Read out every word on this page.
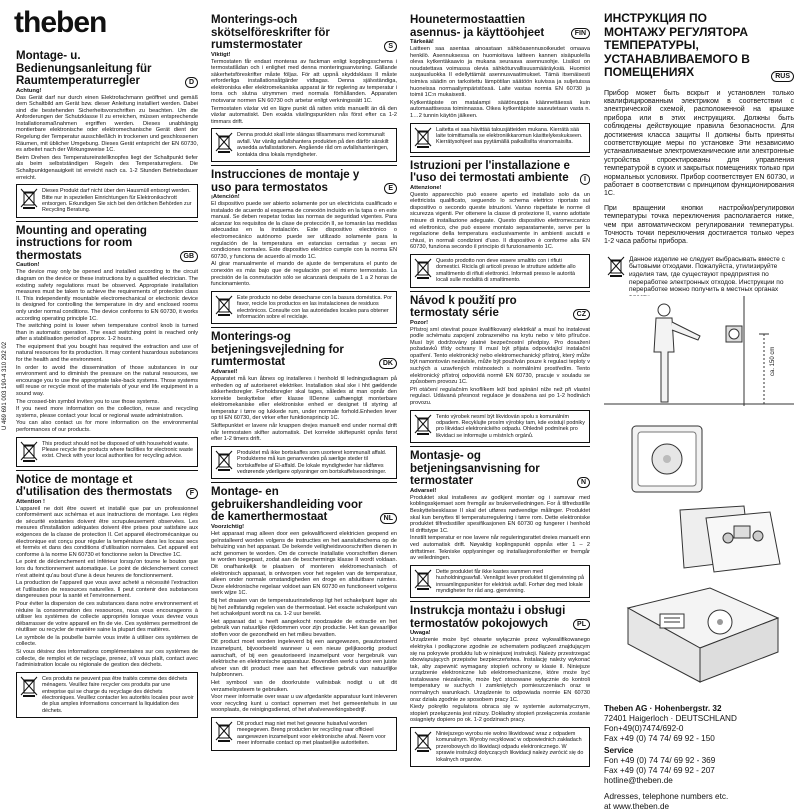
theben
U 469 691 003 190-4 310 292 02
Montage- u. Bedienungsanleitung für Raumtemperaturregler	D
Achtung!

Das Gerät darf nur durch einen Elektrofachmann geöffnet und gemäß dem Schaltbild am Gerät bzw. dieser Anleitung installiert werden. Dabei sind die bestehenden Sicherheitsvorschriften zu beachten. Um die Anforderungen der Schutzklasse II zu erreichen, müssen entsprechende Installationsmaßnahmen ergriffen werden. Dieses unabhängig montierbare elektronische oder elektromechanische Gerät dient der Regelung der Temperatur ausschließlich in trockenen und geschlossenen Räumen, mit üblicher Umgebung. Dieses Gerät entspricht der EN 60730, es arbeitet nach der Wirkungsweise 1C.

Beim Drehen des Temperatureinstellknopfes liegt der Schaltpunkt tiefer als beim selbstständigen Regeln des Temperaturreglers. Die Schaltpunktgenauigkeit ist erreicht nach ca. 1-2 Stunden Betriebsdauer erreicht.

Dieses Produkt darf nicht über den Hausmüll entsorgt werden. Bitte nur in speziellen Einrichtungen für Elektronikschrott entsorgen. Erkundigen Sie sich bei den örtlichen Behörden zur Recycling Beratung.
Mounting and operating instructions for room thermostats	GB
Caution!

The device may only be opened and installed according to the circuit diagram on the device or these instructions by a qualified electrician. The existing safety regulations must be observed. Appropriate installation measures must be taken to achieve the requirements of protection class II. This independently mountable electromechanical or electronic device is designed for controlling the temperature in dry and enclosed rooms only under normal conditions. The device conforms to EN 60730, it works according operating principle 1C.

The switching point is lower when temperature control knob is turned than in automatic operation. The exact switching point is reached only after a stabilisation period of approx. 1-2 hours.

The equipment that you bought has required the extraction and use of natural resources for its production. It may content hazardous substances for the health and the environment.

In order to avoid the dissemination of those substances in our environment and to diminish the pressure on the natural resources, we encourage you to use the appropriate take-back systems. Those systems will reuse or recycle most of the materials of your end life equipment in a sound way.

The crossed-bin symbol invites you to use those systems.

If you need more information on the collection, reuse and recycling systems, please contact your local or regional waste administration.

You can also contact us for more information on the environmental performances of our products.

This product should not be disposed of with household waste. Please recycle the products where facilities for electronic waste exist. Check with your local authorities for recycling advice.
Notice de montage et d'utilisation des thermostats	F
Attention !

L'appareil ne doit être ouvert et installé que par un professionnel conformément aux schémas et aux instructions de montage. Les règles de sécurité existantes doivent être scrupuleusement observées. Les mesures d'installation adéquates doivent être prises pour satisfaire aux exigences de la classe de protection II. Cet appareil électromécanique ou électronique est conçu pour réguler la température dans les locaux secs et fermés et dans des conditions d'utilisation normales. Cet appareil est conforme à la norme EN 60730 et fonctionne selon la Directive 1C.

Le point de déclenchement est inférieur lorsqu'on tourne le bouton que lors du fonctionnement automatique. Le point de déclenchement correct n'est atteint qu'au bout d'une à deux heures de fonctionnement.

La production de l'appareil que vous avez acheté a nécessité l'extraction et l'utilisation de ressources naturelles. Il peut contenir des substances dangereuses pour la santé et l'environnement.

Pour éviter la dispersion de ces substances dans notre environnement et réduire la consommation des ressources, nous vous encourageons à utiliser les systèmes de collecte appropriés lorsque vous devrez vous débarrasser de votre appareil en fin de vie. Ces systèmes permettront de réutiliser ou recycler de manière saine la plupart des matières.

Le symbole de la poubelle barrée vous invite à utiliser ces systèmes de collecte.

Si vous désirez des informations complémentaires sur ces systèmes de collecte, de remploi et de recyclage, prenez, s'il vous plaît, contact avec l'administration locale ou régionale de gestion des déchets.

Ces produits ne peuvent pas être traités comme des déchets ménagers. Veuillez faire recycler ces produits par une entreprise qui se charge du recyclage des déchets électroniques. Veuillez contacter les autorités locales pour avoir de plus amples informations concernant la liquidation des déchets.
Monterings-och skötselföreskrifter för rumstermostater	S
Viktigt!

Termostaten får endast monteras av fackman enligt kopplingsschema i termostatlådan och i enlighet med denna monteringsanvisning. Gällande säkerhetsföreskrifter måste följas. För att uppnå skyddsklass II måste erforderliga installationsåtgärder vidtagas. Denna självständiga, elektroniska eller elektromekaniska apparat är för reglering av temperatur i torra och slutna utrymmen med normala förhållanden. Apparaten motsvarar normen EN 60730 och arbetar enligt verkningssätt 1C.

Termostaten växlar vid en lägre punkt då ratten vrids manuellt än då den växlar automatiskt. Den exakta växlingspunkten nås först efter ca 1-2 timmars drift.

Denna produkt skall inte slängas tillsammans med kommunalt avfall. Var vänlig avfallshantera produkten på den därför särskilt avsedda avfallsstationen. Angående råd om avfallshanteringen, kontakta dina lokala myndigheter.
Instrucciones de montaje y uso para termostatos	E
¡Atención!

El dispositivo puede ser abierto solamente por un electricista cualificado e instalado de acuerdo al esquema de conexión incluido en la tapa o en este manual. Se deben respetar todas las normas de seguridad vigentes. Para alcanzar los requisitos de la clase de protección II, se tomarán las medidas adecuadas en la instalación. Este dispositivo electrónico o electromecánico autónomo puede ser utilizado solamente para la regulación de la temperatura en estancias cerradas y secas en condiciones normales. Este dispositivo eléctrico cumple con la norma EN 60730, y funciona de acuerdo al modo 1C.

Al girar manualmente el mando de ajuste de temperatura el punto de conexión es más bajo que de regulación por el mismo termostato. La precisión de la conmutación sólo se alcanzará después de 1 a 2 horas de funcionamiento.

Este producto no debe desecharse con la basura doméstica. Por favor, recicle los productos en las instalaciones de residuos electrónicos. Consulte con las autoridades locales para obtener información sobre el reciclaje.
Monterings-og betjeningsvejledning for rumtermostat	DK
Advarsel!

Apparatet må kun åbnes og installeres i henhold til ledningsdiagram på enheden og af autoriseret elektriker. Installation skal ske i hht gældende sikkerhedsregler. Forholdsregler skal tages, således at man opnår den korrekte beskyttelse efter klasse IIDenne uafhængigt monterbare elektromekaniske eller elektroniske enhed er designet til styring af temperatur i tørre og lukkede rum, under normale forhold.Enheden lever op til EN 60730, der virker efter funktionsprincip 1C.

Skiftepunktet er lavere når knappen drejes manuelt end under normal drift når termostaten skifter automatisk. Det korrekte skiftepunkt opnås først efter 1-2 timers drift.

Produktet må ikke bortskaffes som usorteret kommunalt affald. Produkterne må kun genanvendes på særlige steder til bortskaffelse af El-affald. De lokale myndigheder har rådføres vedrørende yderligere oplysninger om bortskaffelsesordninger.
Montage- en gebruikershandleiding voor de kamerthermostaat	NL
Voorzichtig!

Het apparaat mag alleen door een gekwalificeerd elektricien geopend en geïnstalleerd worden volgens de instructies en het aansluitschema op de behuizing van het apparaat. De bekende veiligheidsvoorschriften dienen in acht genomen te worden. Om de correcte installatie voorschriften dienen te worden toegepast, zodat aan de beschermings klasse II wordt voldaan. Dit onafhankelijk te plaatsen of monteren elektromechanisch of elektronisch apparaat, is ontworpen voor het regelen van de temperatuur, alleen onder normale omstandigheden en droge en afsluitbare ruimtes. Deze elektronische regelaar voldoet aan EN 60730 en functioneert volgens werk wijze 1C.

Bij het draaien van de temperatuurinstelknop ligt het schakelpunt lager als bij het zelfstandig regelen van de thermostaat. Het exacte schakelpunt van het schakelpunt wordt na ca. 1-2 uur bereikt.

Het apparaat dat u heeft aangekocht noodzaakte de extractie en het gebruik van natuurlijke rijkdommen voor zijn productie. Het kan gevaarlijke stoffen voor de gezondheid en het milieu bevatten.

Dit product moet worden ingeleverd bij een aangewezen, geautoriseerd inzamelpunt, bijvoorbeeld wanneer u een nieuw gelijksoortig product aanschaft, of bij een geautoriseerd inzamelpunt voor hergebruik van elektrische en elektronische apparatuur. Bovendien werkt u door een juiste afvoer van dit product mee aan het effectieve gebruik van natuurlijke hulpbronnen.

Het symbool van de doorkruiste vuilnisbak nodigt u uit dit verzamelsysteem te gebruiken.

Voor meer informatie over waar u uw afgedankte apparatuur kunt inleveren voor recycling kunt u contact opnemen met het gemeentehuis in uw woonplaats, de reinigingsdienst, of het afvalverwerkingsbedrijf.

Dit product mag niet met het gewone huisafval worden meegegeven. Breng producten ter recycling naar officieel aangewezen inzamelpunt voor elektronische afval. Neem voor meer informatie contact op met plaatselijke autoriteiten.
Hounetermostaattien asennus- ja käyttöohjeet	FIN
Tärkeää!

Laitteen saa asentaa ainoastaan sähköasennusoikeudet omaava henkilö. Asennuksessa on huomioitava laitteen kannen sisäpuolella oleva kytkentäkaavio ja mukana seuraava asennusohje. Lisäksi on noudatettava voimassa olevia sähköturvallisuusmääräyksiä. Huomioi suojausluokka II edellyttämät asennusvaatimukset. Tämä itsenäisesti toimiva säädin on tarkoitettu lämpötilan säätöön kuivissa ja suljetuissa huoneissa normaaliympäristössä. Laite vastaa normia EN 60730 ja toimii 1C:n mukaisesti.

Kytkentäpiste on matalampi säätönuppia käännettäessä kuin automaattisessa toiminnassa. Oikea kytkentäpiste saavutetaan vasta n. 1…2 tunnin käytön jälkeen.

Laitetta ei saa hävittää talousjätteiden mukana. Kierrätä sää laite toimittamalla se elektroniikkaromun käsittelykeskukseen. Kierrätysohjeet saa pyytämällä paikallisilta viranomaisilta.
Istruzioni per l'installazione e l'uso dei termostati ambiente	I
Attenzione!

Questo apparecchio può essere aperto ed installato solo da un elettricista qualificato, seguendo lo schema elettrico riportato sul dispositivo o secondo queste istruzioni. Vanno rispettate le norme di sicurezza vigenti. Per ottenere la classe di protezione II, vanno adottate misure di installazione adeguate. Questo dispositivo elettromeccanico ed elettronico, che può essere montato separatamente, serve per la regolazione della temperatura esclusivamente in ambienti asciutti e chiusi, in normali condizioni d'uso. Il dispositivo è conforme alla EN 60730, funziona secondo il principio di funzionamento 1C.

Questo prodotto non deve essere smaltito con i rifiuti domestici. Ricicla gli articoli presso le strutture addette allo smaltimento di rifiuti elettronici. Informati presso le autorità locali sulle modalità di smaltimento.
Návod k použití pro termostaty série	CZ
Pozor!

Přístroj smí otevírat pouze kvalifikovaný elektrikář a musí ho instalovat podle schématu zapojení zobrazeného na krytu nebo v této příručce. Musí být dodržovány platné bezpečnostní předpisy. Pro dosažení požadavků třídy ochrany II musí být přijata odpovídající instalační opatření. Tento elektronický nebo elektromechanický přístroj, který může být namontován nezávisle, může být používán pouze k regulaci teploty v suchých a uzavřených místnostech s normálními prostředím. Tento elektronický přístroj odpovídá normě EN 60730, pracuje v souladu se způsobem provozu 1C.

Při otáčení regulačním knoflíkem leží bod spínání níže než při vlastní regulaci. Udávaná přesnost regulace je dosažena asi po 1-2 hodinách provozu.

Tento výrobek nesmí být likvidován spolu s komunálním odpadem. Recyklujte prosím výrobky tam, kde existují podniky pro likvidaci elektronického odpadu. Ohledně podmínek pro likvidaci se informujte u místních orgánů.
Montasje- og betjeningsanvisning for termostater	N
Advarsel!

Produktet skal installeres av godkjent montør og i samsvar med koblingsskjemaet som fremgår av brukerveiledningen. For å tilfredsstille Beskyttelsesklasse II skal det utføres nødvendige målinger. Produktet skal kun benyttes til temperaturregulering i tørre rom. Dette elektroniske produktet tilfredsstiller spesifikasjonen EN 60730 og fungerer i henhold til driftstype 1C.

Innstilt temperatur er noe lavere når reguleringsrattet dreies manuelt enn ved automatisk drift. Nøyaktig koplingspunkt oppnås etter 1 – 2 driftstimer. Tekniske opplysninger og installasjonsforskrifter er fremgår av veiledningen.

Dette produktet får ikke kastes sammen med husholdningsavfall. Vennligst lever produktet til gjenvinning på innsamlingspunkter for elektrisk avfall. Forhør deg med lokale myndigheter for råd ang. gjenvinning.
Instrukcja montażu i obsługi termostatów pokojowych	PL
Uwaga!

Urządzenie może być otwarte wyłącznie przez wykwalifikowanego elektryka i podłączone zgodnie ze schematem podłączeń znajdującym się na pokrywie produktu lub w niniejszej instrukcji. Należy przestrzegać obowiązujących przepisów bezpieczeństwa. Instalację należy wykonać tak, aby zapewnić wymagany stopień ochrony w klasie II. Niniejsze urządzenie elektroniczne lub elektromechaniczne, które może być instalowane niezależnie, może być stosowane wyłącznie do kontroli temperatury w suchych i zamkniętych pomieszczeniach oraz w normalnych warunkach. Urządzenie to odpowiada normie EN 60730 oraz działa zgodnie ze sposobem pracy 1C.

Kiedy pokrętło regulatora obraca się w systemie automatycznym, stopień przełączenia jest niższy. Dokładny stopień przełączenia zostanie osiągnięty dopiero po ok. 1-2 godzinach pracy.

Niniejszego wyrobu nie wolno likwidować wraz z odpadem komunalnym. Wyroby recyklować w odpowiednich zakładach przerobowych do likwidacji odpadu elektronicznego. W sprawie instrukcji dotyczących likwidacji należy zwrócić się do lokalnych organów.
ИНСТРУКЦИЯ ПО МОНТАЖУ РЕГУЛЯТОРА ТЕМПЕРАТУРЫ, УСТАНАВЛИВАЕМОГО В ПОМЕЩЕНИЯХ	RUS

Прибор может быть вскрыт и установлен только квалифицированным электриком в соответствии с электрической схемой, расположенной на крышке прибора или в этих инструкциях. Должны быть соблюдены действующие правила безопасности. Для достижения класса защиты II должны быть приняты соответствующие меры по установке Эти независимо устанавливаемые электромеханические или электронные устройства спроектированы для управления температурой в сухих и закрытых помещениях только при нормальных условиях. Прибор соответствует EN 60730, и работает в соответствии с принципом функционирования 1С.

При вращении кнопки настройки/регулировки температуры точка переключения располагается ниже, чем при автоматическом регулировании температуры. Точность точки переключения достигается только через 1-2 часа работы прибора.

Данное изделие не следует выбрасывать вместе с бытовыми отходами. Пожалуйста, утилизируйте изделия там, где существуют предприятия по переработке электронных отходов. Инструкции по переработке можно получить в местных органах
ca. 150 cm
Theben AG · Hohenbergstr. 32
72401 Haigerloch · DEUTSCHLAND
Fon+49(0)7474/692-0
Fax +49 (0) 74 74/ 69 92 - 150
Service
Fon +49 (0) 74 74/ 69 92 - 369
Fax +49 (0) 74 74/ 69 92 - 207
hotline@theben.de
Adresses, telephone numbers etc.
at www.theben.de
